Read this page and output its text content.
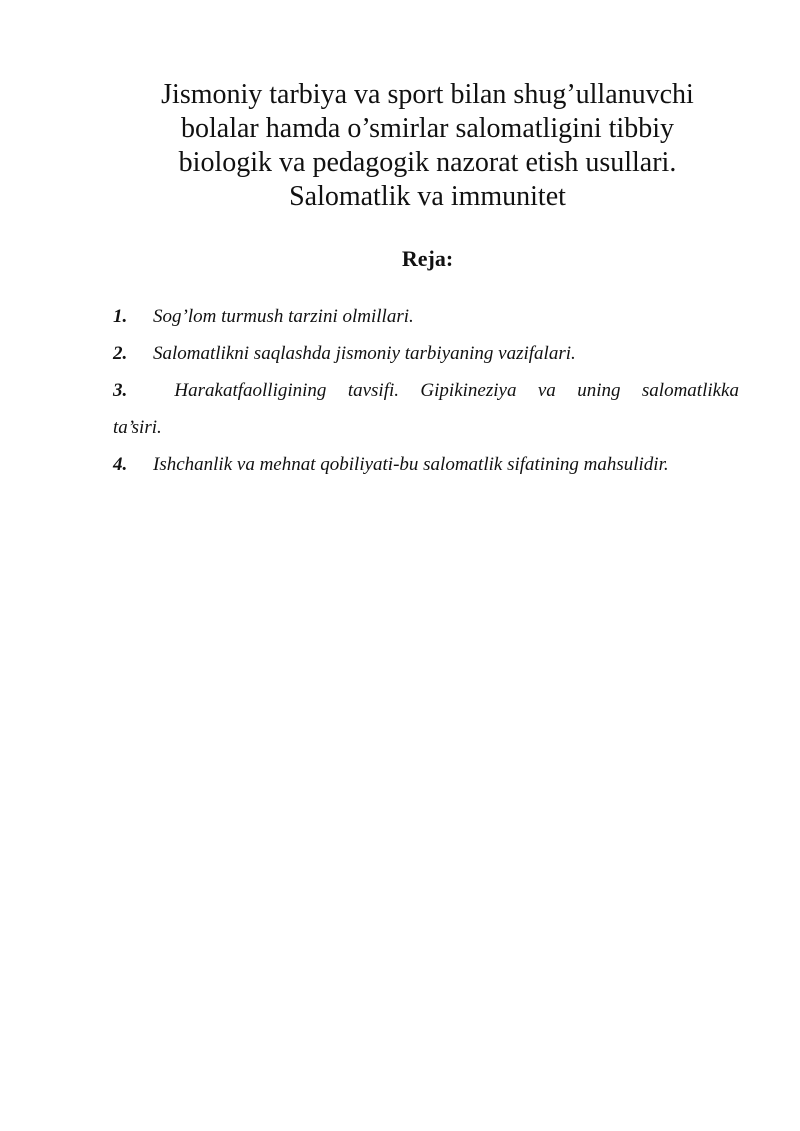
Jismoniy tarbiya va sport bilan shug’ullanuvchi
bolalar hamda o’smirlar salomatligini tibbiy
biologik va pedagogik nazorat etish usullari.
Salomatlik va immunitet
Reja:
1. Sog’lom turmush tarzini olmillari.
2. Salomatlikni saqlashda jismoniy tarbiyaning vazifalari.
3.	Harakatfaolligining tavsifi. Gipikineziya va uning salomatlikka
ta’siri.
4. Ishchanlik va mehnat qobiliyati-bu salomatlik sifatining mahsulidir.
